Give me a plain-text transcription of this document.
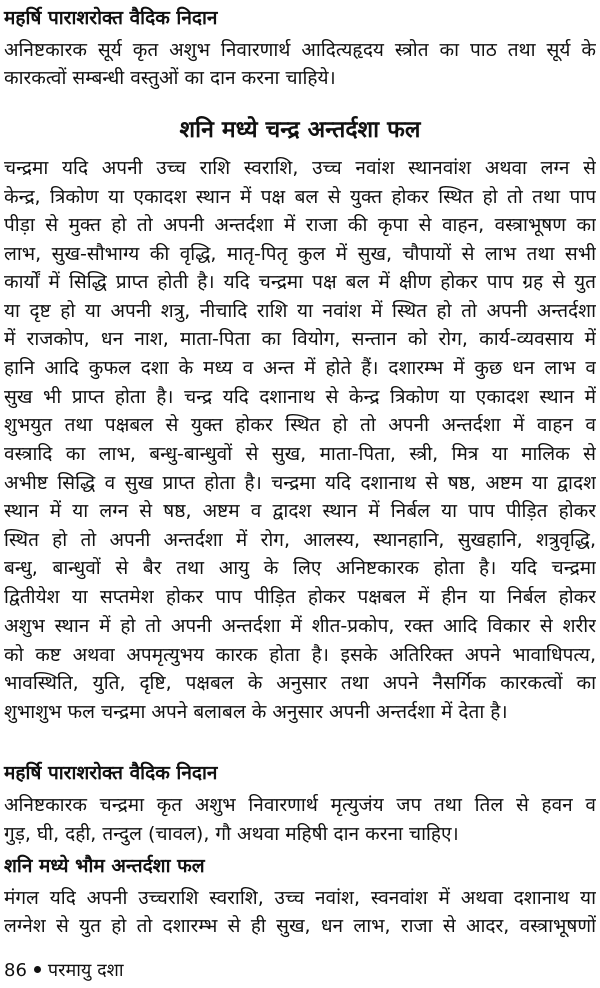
महर्षि पाराशरोक्त वैदिक निदान
अनिष्टकारक सूर्य कृत अशुभ निवारणार्थ आदित्यहृदय स्त्रोत का पाठ तथा सूर्य के
कारकत्वों सम्बन्धी वस्तुओं का दान करना चाहिये।
शनि मध्ये चन्द्र अन्तर्दशा फल
चन्द्रमा यदि अपनी उच्च राशि स्वराशि, उच्च नवांश स्थानवांश अथवा लग्न से
केन्द्र, त्रिकोण या एकादश स्थान में पक्ष बल से युक्त होकर स्थित हो तो तथा पाप
पीड़ा से मुक्त हो तो अपनी अन्तर्दशा में राजा की कृपा से वाहन, वस्त्राभूषण का
लाभ, सुख-सौभाग्य की वृद्धि, मातृ-पितृ कुल में सुख, चौपायों से लाभ तथा सभी
कार्यों में सिद्धि प्राप्त होती है। यदि चन्द्रमा पक्ष बल में क्षीण होकर पाप ग्रह से युत
या दृष्ट हो या अपनी शत्रु, नीचादि राशि या नवांश में स्थित हो तो अपनी अन्तर्दशा
में राजकोप, धन नाश, माता-पिता का वियोग, सन्तान को रोग, कार्य-व्यवसाय में
हानि आदि कुफल दशा के मध्य व अन्त में होते हैं। दशारम्भ में कुछ धन लाभ व
सुख भी प्राप्त होता है। चन्द्र यदि दशानाथ से केन्द्र त्रिकोण या एकादश स्थान में
शुभयुत तथा पक्षबल से युक्त होकर स्थित हो तो अपनी अन्तर्दशा में वाहन व
वस्त्रादि का लाभ, बन्धु-बान्धुवों से सुख, माता-पिता, स्त्री, मित्र या मालिक से
अभीष्ट सिद्धि व सुख प्राप्त होता है। चन्द्रमा यदि दशानाथ से षष्ठ, अष्टम या द्वादश
स्थान में या लग्न से षष्ठ, अष्टम व द्वादश स्थान में निर्बल या पाप पीड़ित होकर
स्थित हो तो अपनी अन्तर्दशा में रोग, आलस्य, स्थानहानि, सुखहानि, शत्रुवृद्धि,
बन्धु, बान्धुवों से बैर तथा आयु के लिए अनिष्टकारक होता है। यदि चन्द्रमा
द्वितीयेश या सप्तमेश होकर पाप पीड़ित होकर पक्षबल में हीन या निर्बल होकर
अशुभ स्थान में हो तो अपनी अन्तर्दशा में शीत-प्रकोप, रक्त आदि विकार से शरीर
को कष्ट अथवा अपमृत्युभय कारक होता है। इसके अतिरिक्त अपने भावाधिपत्य,
भावस्थिति, युति, दृष्टि, पक्षबल के अनुसार तथा अपने नैसर्गिक कारकत्वों का
शुभाशुभ फल चन्द्रमा अपने बलाबल के अनुसार अपनी अन्तर्दशा में देता है।
महर्षि पाराशरोक्त वैदिक निदान
अनिष्टकारक चन्द्रमा कृत अशुभ निवारणार्थ मृत्युजंय जप तथा तिल से हवन व
गुड़, घी, दही, तन्दुल (चावल), गौ अथवा महिषी दान करना चाहिए।
शनि मध्ये भौम अन्तर्दशा फल
मंगल यदि अपनी उच्चराशि स्वराशि, उच्च नवांश, स्वनवांश में अथवा दशानाथ या
लग्नेश से युत हो तो दशारम्भ से ही सुख, धन लाभ, राजा से आदर, वस्त्राभूषणों
86 परमायु दशा
